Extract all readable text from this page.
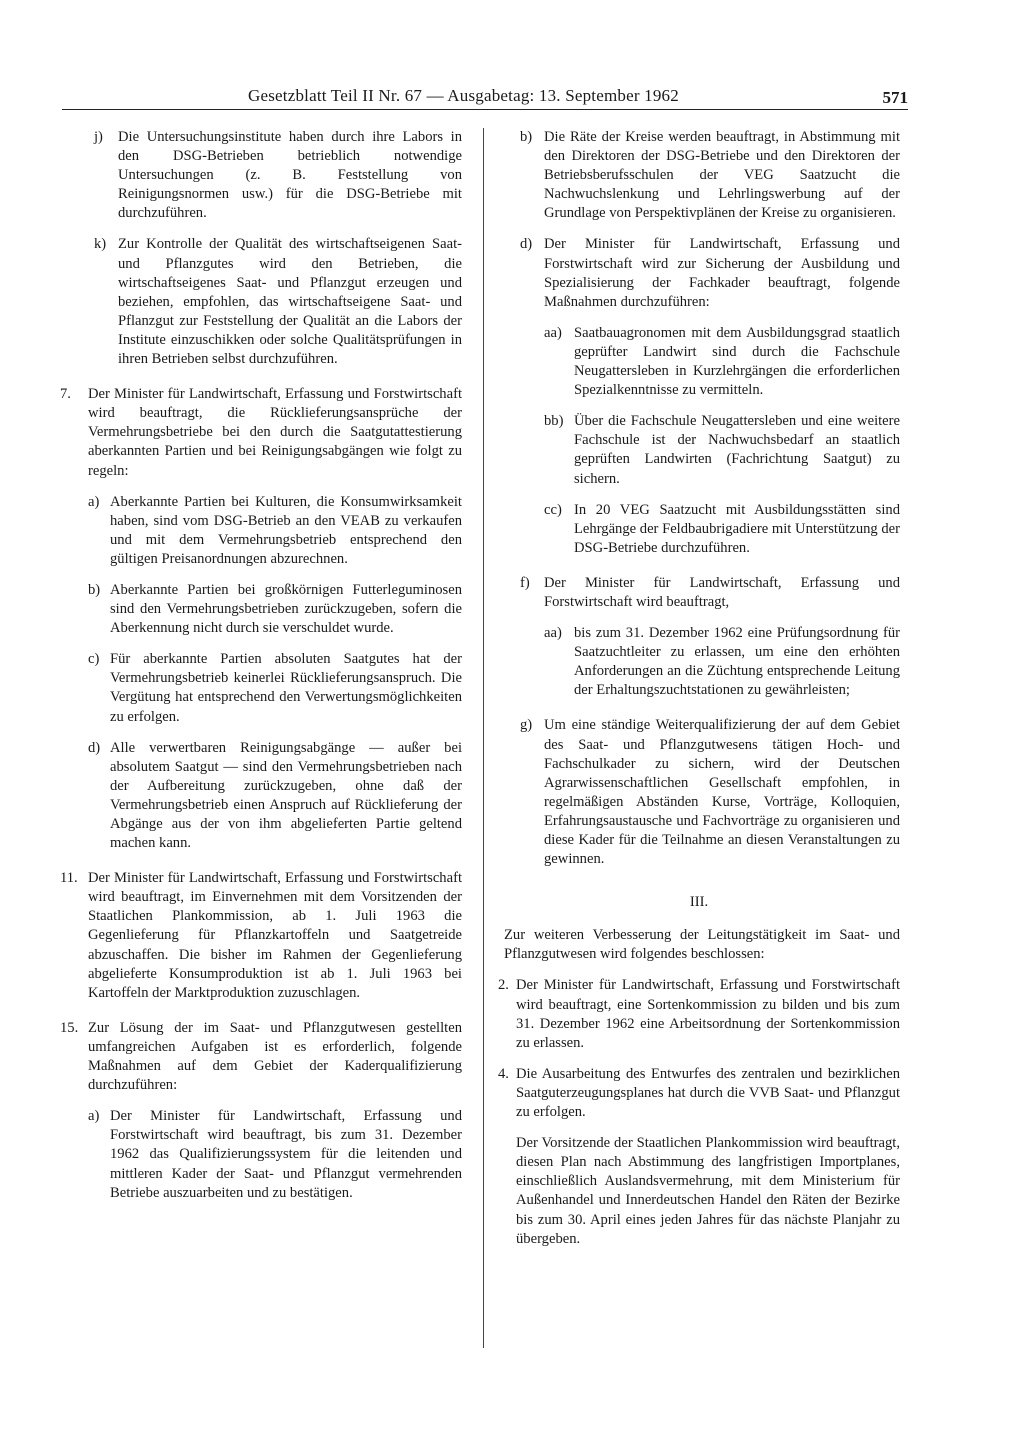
Gesetzblatt Teil II Nr. 67 — Ausgabetag: 13. September 1962	571
j)	Die Untersuchungsinstitute haben durch ihre Labors in den DSG-Betrieben betrieblich notwendige Untersuchungen (z. B. Feststellung von Reinigungsnormen usw.) für die DSG-Betriebe mit durchzuführen.
k) Zur Kontrolle der Qualität des wirtschaftseigenen Saat- und Pflanzgutes wird den Betrieben, die wirtschaftseigenes Saat- und Pflanzgut erzeugen und beziehen, empfohlen, das wirtschaftseigene Saat- und Pflanzgut zur Feststellung der Qualität an die Labors der Institute einzuschikken oder solche Qualitätsprüfungen in ihren Betrieben selbst durchzuführen.
7.	Der Minister für Landwirtschaft, Erfassung und Forstwirtschaft wird beauftragt, die Rücklieferungsansprüche der Vermehrungsbetriebe bei den durch die Saatgutattestierung aberkannten Partien und bei Reinigungsabgängen wie folgt zu regeln:
a) Aberkannte Partien bei Kulturen, die Konsumwirksamkeit haben, sind vom DSG-Betrieb an den VEAB zu verkaufen und mit dem Vermehrungsbetrieb entsprechend den gültigen Preisanordnungen abzurechnen.
b) Aberkannte Partien bei großkörnigen Futterleguminosen sind den Vermehrungsbetrieben zurückzugeben, sofern die Aberkennung nicht durch sie verschuldet wurde.
c) Für aberkannte Partien absoluten Saatgutes hat der Vermehrungsbetrieb keinerlei Rücklieferungsanspruch. Die Vergütung hat entsprechend den Verwertungsmöglichkeiten zu erfolgen.
d) Alle verwertbaren Reinigungsabgänge — außer bei absolutem Saatgut — sind den Vermehrungsbetrieben nach der Aufbereitung zurückzugeben, ohne daß der Vermehrungsbetrieb einen Anspruch auf Rücklieferung der Abgänge aus der von ihm abgelieferten Partie geltend machen kann.
11. Der Minister für Landwirtschaft, Erfassung und Forstwirtschaft wird beauftragt, im Einvernehmen mit dem Vorsitzenden der Staatlichen Plankommission, ab 1. Juli 1963 die Gegenlieferung für Pflanzkartoffeln und Saatgetreide abzuschaffen. Die bisher im Rahmen der Gegenlieferung abgelieferte Konsumproduktion ist ab 1. Juli 1963 bei Kartoffeln der Marktproduktion zuzuschlagen.
15. Zur Lösung der im Saat- und Pflanzgutwesen gestellten umfangreichen Aufgaben ist es erforderlich, folgende Maßnahmen auf dem Gebiet der Kaderqualifizierung durchzuführen:
a) Der Minister für Landwirtschaft, Erfassung und Forstwirtschaft wird beauftragt, bis zum 31. Dezember 1962 das Qualifizierungssystem für die leitenden und mittleren Kader der Saat- und Pflanzgut vermehrenden Betriebe auszuarbeiten und zu bestätigen.
b) Die Räte der Kreise werden beauftragt, in Abstimmung mit den Direktoren der DSG-Betriebe und den Direktoren der Betriebsberufsschulen der VEG Saatzucht die Nachwuchslenkung und Lehrlingswerbung auf der Grundlage von Perspektivplänen der Kreise zu organisieren.
d) Der Minister für Landwirtschaft, Erfassung und Forstwirtschaft wird zur Sicherung der Ausbildung und Spezialisierung der Fachkader beauftragt, folgende Maßnahmen durchzuführen:
aa) Saatbauagronomen mit dem Ausbildungsgrad staatlich geprüfter Landwirt sind durch die Fachschule Neugattersleben in Kurzlehrgängen die erforderlichen Spezialkenntnisse zu vermitteln.
bb) Über die Fachschule Neugattersleben und eine weitere Fachschule ist der Nachwuchsbedarf an staatlich geprüften Landwirten (Fachrichtung Saatgut) zu sichern.
cc) In 20 VEG Saatzucht mit Ausbildungsstätten sind Lehrgänge der Feldbaubrigadiere mit Unterstützung der DSG-Betriebe durchzuführen.
f) Der Minister für Landwirtschaft, Erfassung und Forstwirtschaft wird beauftragt,
aa) bis zum 31. Dezember 1962 eine Prüfungsordnung für Saatzuchtleiter zu erlassen, um eine den erhöhten Anforderungen an die Züchtung entsprechende Leitung der Erhaltungszuchtstationen zu gewährleisten;
g) Um eine ständige Weiterqualifizierung der auf dem Gebiet des Saat- und Pflanzgutwesens tätigen Hoch- und Fachschulkader zu sichern, wird der Deutschen Agrarwissenschaftlichen Gesellschaft empfohlen, in regelmäßigen Abständen Kurse, Vorträge, Kolloquien, Erfahrungsaustausche und Fachvorträge zu organisieren und diese Kader für die Teilnahme an diesen Veranstaltungen zu gewinnen.
III.
Zur weiteren Verbesserung der Leitungstätigkeit im Saat- und Pflanzgutwesen wird folgendes beschlossen:
2. Der Minister für Landwirtschaft, Erfassung und Forstwirtschaft wird beauftragt, eine Sortenkommission zu bilden und bis zum 31. Dezember 1962 eine Arbeitsordnung der Sortenkommission zu erlassen.
4. Die Ausarbeitung des Entwurfes des zentralen und bezirklichen Saatguterzeugungsplanes hat durch die VVB Saat- und Pflanzgut zu erfolgen.
Der Vorsitzende der Staatlichen Plankommission wird beauftragt, diesen Plan nach Abstimmung des langfristigen Importplanes, einschließlich Auslandsvermehrung, mit dem Ministerium für Außenhandel und Innerdeutschen Handel den Räten der Bezirke bis zum 30. April eines jeden Jahres für das nächste Planjahr zu übergeben.
